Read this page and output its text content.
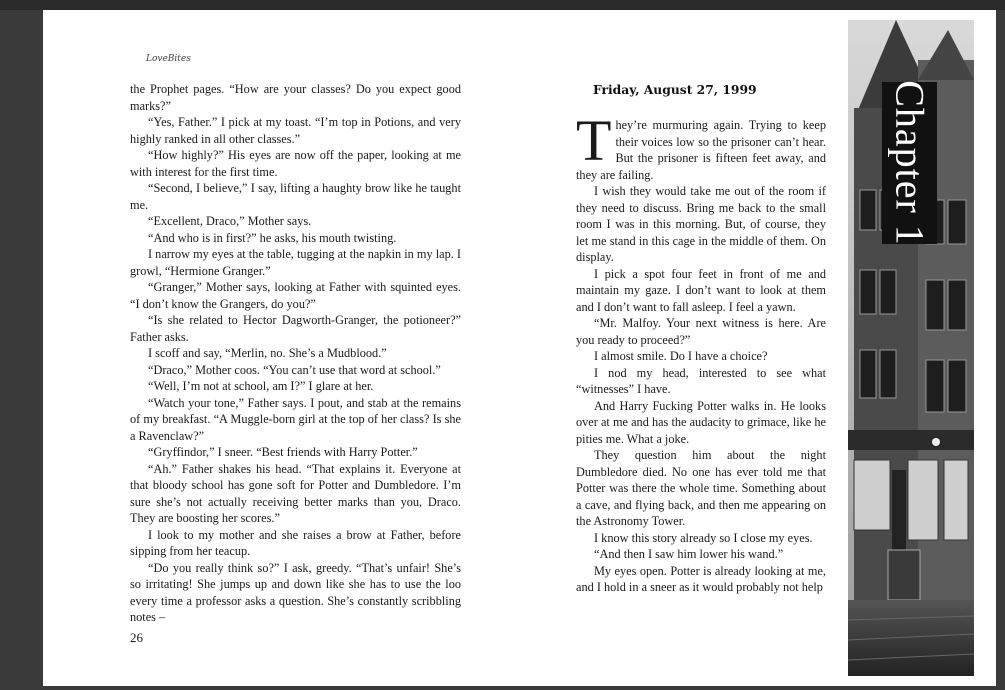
LoveBites

the Prophet pages. “How are your classes? Do you expect good marks?”

“Yes, Father.” I pick at my toast. “I’m top in Potions, and very highly ranked in all other classes.”

“How highly?” His eyes are now off the paper, looking at me with interest for the first time.

“Second, I believe,” I say, lifting a haughty brow like he taught me.

“Excellent, Draco,” Mother says.

“And who is in first?” he asks, his mouth twisting.

I narrow my eyes at the table, tugging at the napkin in my lap. I growl, “Hermione Granger.”

“Granger,” Mother says, looking at Father with squinted eyes. “I don’t know the Grangers, do you?”

“Is she related to Hector Dagworth-Granger, the potioneer?” Father asks.

I scoff and say, “Merlin, no. She’s a Mudblood.”

“Draco,” Mother coos. “You can’t use that word at school.”

“Well, I’m not at school, am I?” I glare at her.

“Watch your tone,” Father says. I pout, and stab at the remains of my breakfast. “A Muggle-born girl at the top of her class? Is she a Ravenclaw?”

“Gryffindor,” I sneer. “Best friends with Harry Potter.”

“Ah.” Father shakes his head. “That explains it. Everyone at that bloody school has gone soft for Potter and Dumbledore. I’m sure she’s not actually receiving better marks than you, Draco. They are boosting her scores.”

I look to my mother and she raises a brow at Father, before sipping from her teacup.

“Do you really think so?” I ask, greedy. “That’s unfair! She’s so irritating! She jumps up and down like she has to use the loo every time a professor asks a question. She’s constantly scribbling notes –

26
Friday, August 27, 1999

They’re murmuring again. Trying to keep their voices low so the prisoner can’t hear. But the prisoner is fifteen feet away, and they are failing.

I wish they would take me out of the room if they need to discuss. Bring me back to the small room I was in this morning. But, of course, they let me stand in this cage in the middle of them. On display.

I pick a spot four feet in front of me and maintain my gaze. I don’t want to look at them and I don’t want to fall asleep. I feel a yawn.

“Mr. Malfoy. Your next witness is here. Are you ready to proceed?”

I almost smile. Do I have a choice?

I nod my head, interested to see what “witnesses” I have.

And Harry Fucking Potter walks in. He looks over at me and has the audacity to grimace, like he pities me. What a joke.

They question him about the night Dumbledore died. No one has ever told me that Potter was there the whole time. Something about a cave, and flying back, and then me appearing on the Astronomy Tower.

I know this story already so I close my eyes.

“And then I saw him lower his wand.”

My eyes open. Potter is already looking at me, and I hold in a sneer as it would probably not help

Chapter 1
